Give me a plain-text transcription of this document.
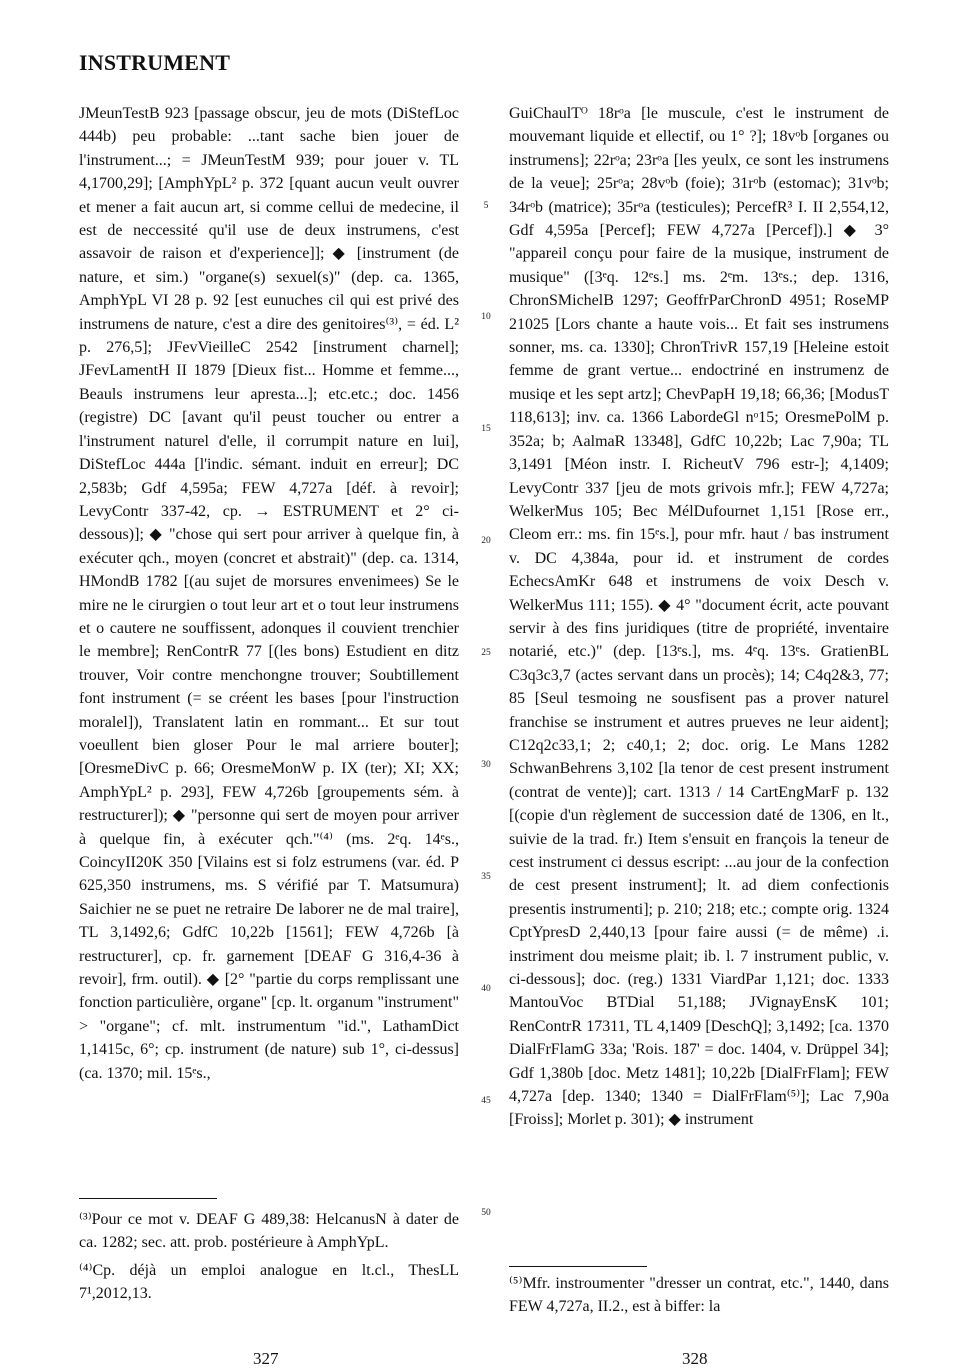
INSTRUMENT

JMeunTestB 923 [passage obscur, jeu de mots (DiStefLoc 444b) peu probable: ...tant sache bien jouer de l'instrument...; = JMeunTestM 939; pour jouer v. TL 4,1700,29]; [AmphYpL² p. 372 [quant aucun veult ouvrer et mener a fait aucun art, si comme cellui de medecine, il est de neccessité qu'il use de deux instrumens, c'est assavoir de raison et d'experience]]; ◆ [instrument (de nature, et sim.) "organe(s) sexuel(s)" (dep. ca. 1365, AmphYpL VI 28 p. 92 [est eunuches cil qui est privé des instrumens de nature, c'est a dire des genitoires⁽³⁾, = éd. L² p. 276,5]; JFevVieilleC 2542 [instrument charnel]; JFevLamentH II 1879 [Dieux fist... Homme et femme..., Beauls instrumens leur apresta...]; etc.etc.; doc. 1456 (registre) DC [avant qu'il peust toucher ou entrer a l'instrument naturel d'elle, il corrumpit nature en lui], DiStefLoc 444a [l'indic. sémant. induit en erreur]; DC 2,583b; Gdf 4,595a; FEW 4,727a [déf. à revoir]; LevyContr 337-42, cp. → ESTRUMENT et 2° ci-dessous)]; ◆ "chose qui sert pour arriver à quelque fin, à exécuter qch., moyen (concret et abstrait)" (dep. ca. 1314, HMondB 1782 [(au sujet de morsures envenimees) Se le mire ne le cirurgien o tout leur art et o tout leur instrumens et o cautere ne souffissent, adonques il couvient trenchier le membre]; RenContrR 77 [(les bons) Estudient en ditz trouver, Voir contre menchongne trouver; Soubtillement font instrument (= se créent les bases [pour l'instruction moralel]), Translatent latin en rommant... Et sur tout voeullent bien gloser Pour le mal arriere bouter]; [OresmeDivC p. 66; OresmeMonW p. IX (ter); XI; XX; AmphYpL² p. 293], FEW 4,726b [groupements sém. à restructurer]); ◆ "personne qui sert de moyen pour arriver à quelque fin, à exécuter qch."⁽⁴⁾ (ms. 2ᵉq. 14ᵉs., CoincyII20K 350 [Vilains est si folz estrumens (var. éd. P 625,350 instrumens, ms. S vérifié par T. Matsumura) Saichier ne se puet ne retraire De laborer ne de mal traire], TL 3,1492,6; GdfC 10,22b [1561]; FEW 4,726b [à restructurer], cp. fr. garnement [DEAF G 316,4-36 à revoir], frm. outil). ◆ [2° "partie du corps remplissant une fonction particulière, organe" [cp. lt. organum "instrument" > "organe"; cf. mlt. instrumentum "id.", LathamDict 1,1415c, 6°; cp. instrument (de nature) sub 1°, ci-dessus] (ca. 1370; mil. 15ᵉs.,

⁽³⁾Pour ce mot v. DEAF G 489,38: HelcanusN à dater de ca. 1282; sec. att. prob. postérieure à AmphYpL.

⁽⁴⁾Cp. déjà un emploi analogue en lt.cl., ThesLL 7¹,2012,13.

GuiChaulTᴼ 18rᵒa [le muscule, c'est le instrument de mouvemant liquide et ellectif, ou 1° ?]; 18vᵒb [organes ou instrumens]; 22rᵒa; 23rᵒa [les yeulx, ce sont les instrumens de la veue]; 25rᵒa; 28vᵒb (foie); 31rᵒb (estomac); 31vᵒb; 34rᵒb (matrice); 35rᵒa (testicules); PercefR³ I. II 2,554,12, Gdf 4,595a [Percef]; FEW 4,727a [Percef]).] ◆ 3° "appareil conçu pour faire de la musique, instrument de musique" ([3ᵉq. 12ᵉs.] ms. 2ᵉm. 13ᵉs.; dep. 1316, ChronSMichelB 1297; GeoffrParChronD 4951; RoseMP 21025 [Lors chante a haute vois... Et fait ses instrumens sonner, ms. ca. 1330]; ChronTrivR 157,19 [Heleine estoit femme de grant vertue... endoctriné en instrumenz de musiqe et les sept artz]; ChevPapH 19,18; 66,36; [ModusT 118,613]; inv. ca. 1366 LabordeGl nᵒ15; OresmePolM p. 352a; b; AalmaR 13348], GdfC 10,22b; Lac 7,90a; TL 3,1491 [Méon instr. I. RicheutV 796 estr-]; 4,1409; LevyContr 337 [jeu de mots grivois mfr.]; FEW 4,727a; WelkerMus 105; Bec MélDufournet 1,151 [Rose err., Cleom err.: ms. fin 15ᵉs.], pour mfr. haut / bas instrument v. DC 4,384a, pour id. et instrument de cordes EchecsAmKr 648 et instrumens de voix Desch v. WelkerMus 111; 155). ◆ 4° "document écrit, acte pouvant servir à des fins juridiques (titre de propriété, inventaire notarié, etc.)" (dep. [13ᵉs.], ms. 4ᵉq. 13ᵉs. GratienBL C3q3c3,7 (actes servant dans un procès); 14; C4q2&3, 77; 85 [Seul tesmoing ne sousfisent pas a prover naturel franchise se instrument et autres prueves ne leur aident]; C12q2c33,1; 2; c40,1; 2; doc. orig. Le Mans 1282 SchwanBehrens 3,102 [la tenor de cest present instrument (contrat de vente)]; cart. 1313 / 14 CartEngMarF p. 132 [(copie d'un règlement de succession daté de 1306, en lt., suivie de la trad. fr.) Item s'ensuit en françois la teneur de cest instrument ci dessus escript: ...au jour de la confection de cest present instrument]; lt. ad diem confectionis presentis instrumenti]; p. 210; 218; etc.; compte orig. 1324 CptYpresD 2,440,13 [pour faire aussi (= de même) .i. instriment dou meisme plait; ib. l. 7 instrument public, v. ci-dessous]; doc. (reg.) 1331 ViardPar 1,121; doc. 1333 MantouVoc BTDial 51,188; JVignayEnsK 101; RenContrR 17311, TL 4,1409 [DeschQ]; 3,1492; [ca. 1370 DialFrFlamG 33a; 'Rois. 187' = doc. 1404, v. Drüppel 34]; Gdf 1,380b [doc. Metz 1481]; 10,22b [DialFrFlam]; FEW 4,727a [dep. 1340; 1340 = DialFrFlam⁽⁵⁾]; Lac 7,90a [Froiss]; Morlet p. 301); ◆ instrument

⁽⁵⁾Mfr. instroumenter "dresser un contrat, etc.", 1440, dans FEW 4,727a, II.2., est à biffer: la

5
10
15
20
25
30
35
40
45
50
327	328
